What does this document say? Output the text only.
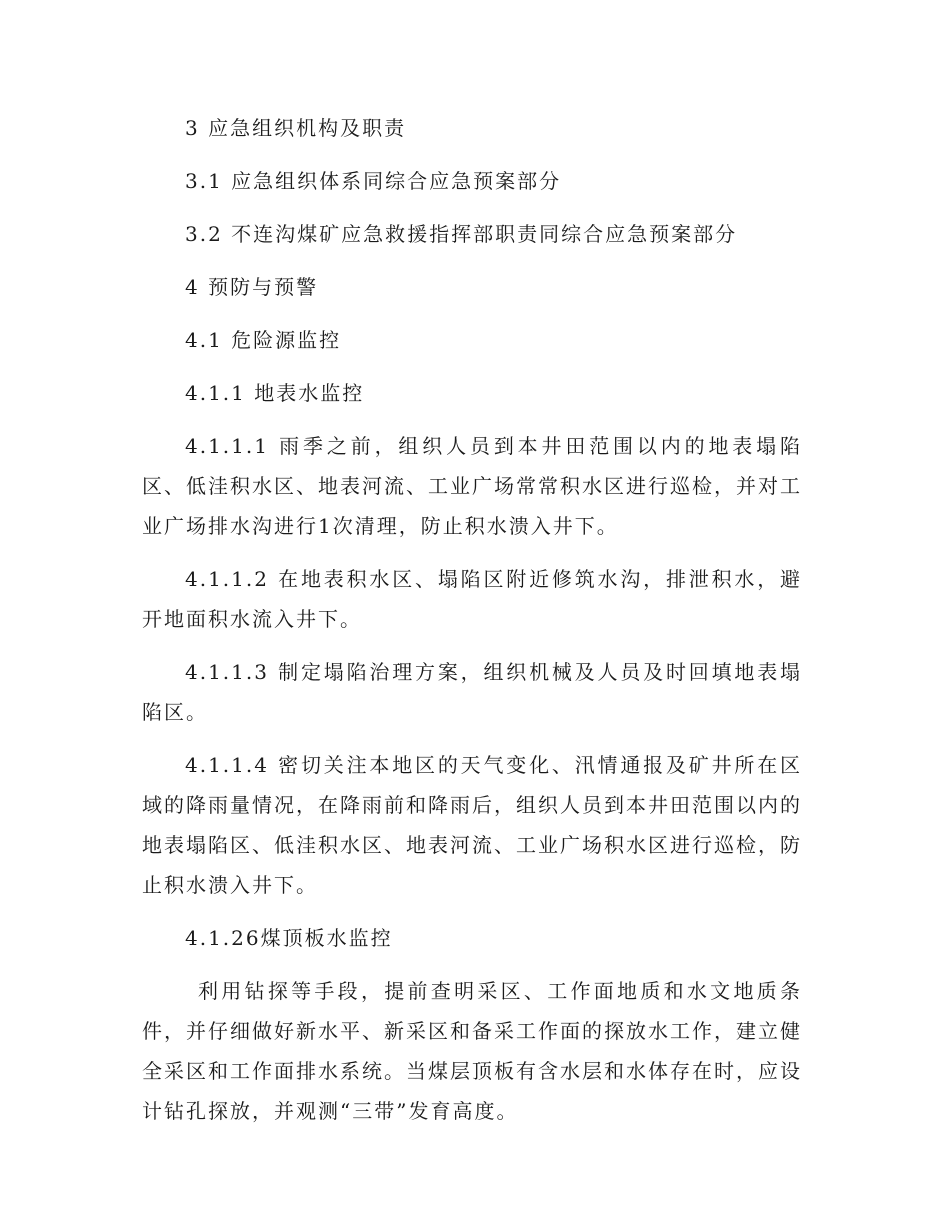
3 应急组织机构及职责

3.1 应急组织体系同综合应急预案部分

3.2 不连沟煤矿应急救援指挥部职责同综合应急预案部分

4 预防与预警

4.1 危险源监控

4.1.1 地表水监控

4.1.1.1 雨季之前，组织人员到本井田范围以内的地表塌陷区、低洼积水区、地表河流、工业广场常常积水区进行巡检，并对工业广场排水沟进行1次清理，防止积水溃入井下。

4.1.1.2 在地表积水区、塌陷区附近修筑水沟，排泄积水，避开地面积水流入井下。

4.1.1.3 制定塌陷治理方案，组织机械及人员及时回填地表塌陷区。

4.1.1.4 密切关注本地区的天气变化、汛情通报及矿井所在区域的降雨量情况，在降雨前和降雨后，组织人员到本井田范围以内的地表塌陷区、低洼积水区、地表河流、工业广场积水区进行巡检，防止积水溃入井下。

4.1.26煤顶板水监控

利用钻探等手段，提前查明采区、工作面地质和水文地质条件，并仔细做好新水平、新采区和备采工作面的探放水工作，建立健全采区和工作面排水系统。当煤层顶板有含水层和水体存在时，应设计钻孔探放，并观测“三带”发育高度。
